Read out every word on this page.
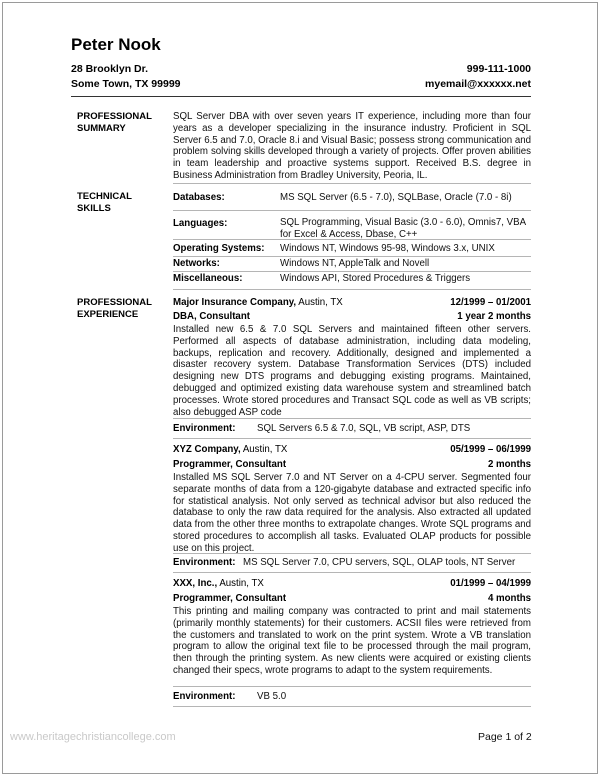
Peter Nook
28 Brooklyn Dr.
Some Town, TX 99999
999-111-1000
myemail@xxxxxx.net
PROFESSIONAL
SUMMARY
SQL Server DBA with over seven years IT experience, including more than four years as a developer specializing in the insurance industry. Proficient in SQL Server 6.5 and 7.0, Oracle 8.i and Visual Basic; possess strong communication and problem solving skills developed through a variety of projects. Offer proven abilities in team leadership and proactive systems support. Received B.S. degree in Business Administration from Bradley University, Peoria, IL.
TECHNICAL
SKILLS
Databases:	MS SQL Server (6.5 - 7.0), SQLBase, Oracle (7.0 - 8i)
Languages:	SQL Programming, Visual Basic (3.0 - 6.0), Omnis7, VBA for Excel & Access, Dbase, C++
Operating Systems: Windows NT, Windows 95-98, Windows 3.x, UNIX
Networks:	Windows NT, AppleTalk and Novell
Miscellaneous:	Windows API, Stored Procedures & Triggers
PROFESSIONAL
EXPERIENCE
Major Insurance Company, Austin, TX	12/1999 – 01/2001
DBA, Consultant	1 year 2 months
Installed new 6.5 & 7.0 SQL Servers and maintained fifteen other servers. Performed all aspects of database administration, including data modeling, backups, replication and recovery. Additionally, designed and implemented a disaster recovery system. Database Transformation Services (DTS) included designing new DTS programs and debugging existing programs. Maintained, debugged and optimized existing data warehouse system and streamlined batch processes. Wrote stored procedures and Transact SQL code as well as VB scripts; also debugged ASP code
Environment: SQL Servers 6.5 & 7.0, SQL, VB script, ASP, DTS
XYZ Company, Austin, TX	05/1999 – 06/1999
Programmer, Consultant	2 months
Installed MS SQL Server 7.0 and NT Server on a 4-CPU server. Segmented four separate months of data from a 120-gigabyte database and extracted specific info for statistical analysis. Not only served as technical advisor but also reduced the database to only the raw data required for the analysis. Also extracted all updated data from the other three months to extrapolate changes. Wrote SQL programs and stored procedures to accomplish all tasks. Evaluated OLAP products for possible use on this project.
Environment: MS SQL Server 7.0, CPU servers, SQL, OLAP tools, NT Server
XXX, Inc., Austin, TX	01/1999 – 04/1999
Programmer, Consultant	4 months
This printing and mailing company was contracted to print and mail statements (primarily monthly statements) for their customers. ACSII files were retrieved from the customers and translated to work on the print system. Wrote a VB translation program to allow the original text file to be processed through the mail program, then through the printing system. As new clients were acquired or existing clients changed their specs, wrote programs to adapt to the system requirements.
Environment: VB 5.0
www.heritagechristiancollege.com	Page 1 of 2
